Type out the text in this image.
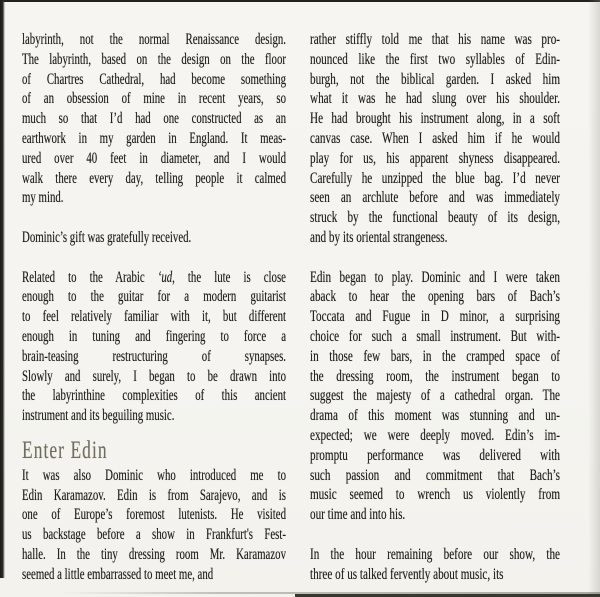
labyrinth, not the normal Renaissance design.
The labyrinth, based on the design on the floor
of Chartres Cathedral, had become something
of an obsession of mine in recent years, so
much so that I’d had one constructed as an
earthwork in my garden in England. It meas-
ured over 40 feet in diameter, and I would
walk there every day, telling people it calmed
my mind.
Dominic’s gift was gratefully received.
Related to the Arabic ‘ud, the lute is close
enough to the guitar for a modern guitarist
to feel relatively familiar with it, but different
enough in tuning and fingering to force a
brain-teasing restructuring of synapses.
Slowly and surely, I began to be drawn into
the labyrinthine complexities of this ancient
instrument and its beguiling music.
Enter Edin
It was also Dominic who introduced me to
Edin Karamazov. Edin is from Sarajevo, and is
one of Europe’s foremost lutenists. He visited
us backstage before a show in Frankfurt's Fest-
halle. In the tiny dressing room Mr. Karamazov
seemed a little embarrassed to meet me, and
rather stiffly told me that his name was pro-
nounced like the first two syllables of Edin-
burgh, not the biblical garden. I asked him
what it was he had slung over his shoulder.
He had brought his instrument along, in a soft
canvas case. When I asked him if he would
play for us, his apparent shyness disappeared.
Carefully he unzipped the blue bag. I’d never
seen an archlute before and was immediately
struck by the functional beauty of its design,
and by its oriental strangeness.
Edin began to play. Dominic and I were taken
aback to hear the opening bars of Bach’s
Toccata and Fugue in D minor, a surprising
choice for such a small instrument. But with-
in those few bars, in the cramped space of
the dressing room, the instrument began to
suggest the majesty of a cathedral organ. The
drama of this moment was stunning and un-
expected; we were deeply moved. Edin’s im-
promptu performance was delivered with
such passion and commitment that Bach’s
music seemed to wrench us violently from
our time and into his.
In the hour remaining before our show, the
three of us talked fervently about music, its
